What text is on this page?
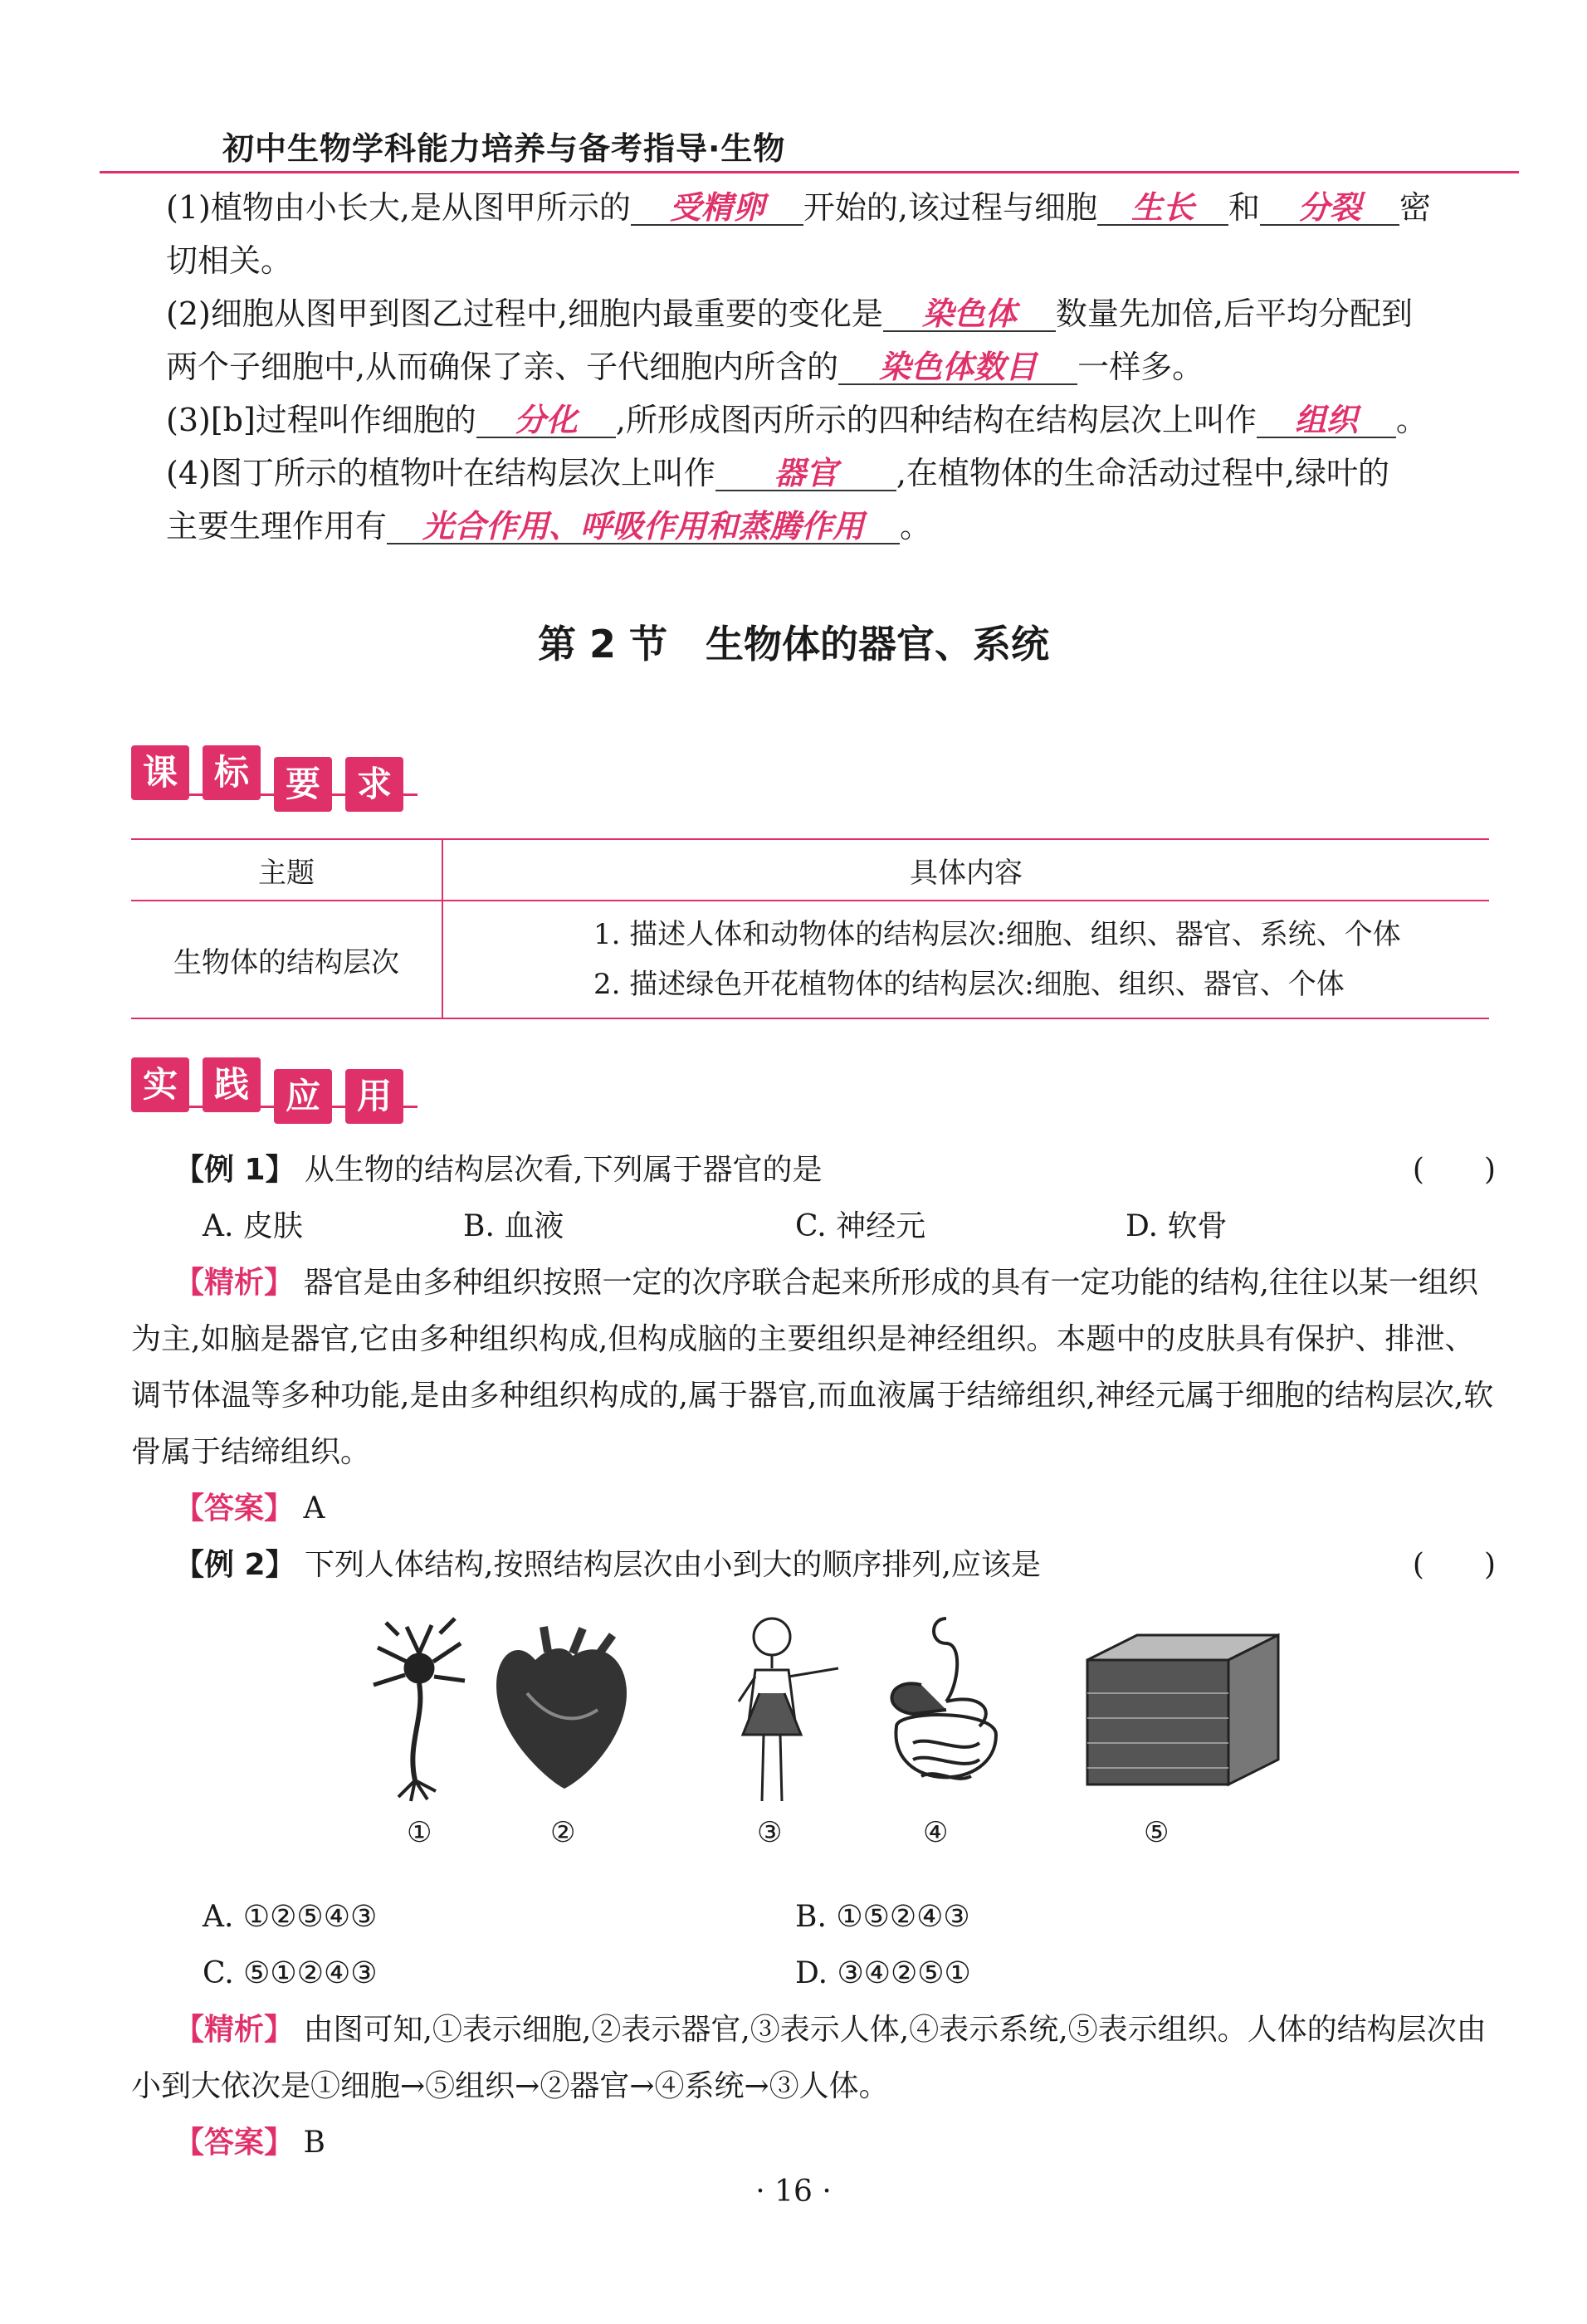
初中生物学科能力培养与备考指导·生物
(1)植物由小长大,是从图甲所示的 受精卵 开始的,该过程与细胞 生长 和 分裂 密
切相关。
(2)细胞从图甲到图乙过程中,细胞内最重要的变化是 染色体 数量先加倍,后平均分配到
两个子细胞中,从而确保了亲、子代细胞内所含的 染色体数目 一样多。
(3)[b]过程叫作细胞的 分化 ,所形成图丙所示的四种结构在结构层次上叫作 组织 。
(4)图丁所示的植物叶在结构层次上叫作 器官 ,在植物体的生命活动过程中,绿叶的
主要生理作用有 光合作用、呼吸作用和蒸腾作用 。
第 2 节　生物体的器官、系统
课	标	要	求
主题	具体内容
生物体的结构层次	1. 描述人体和动物体的结构层次:细胞、组织、器官、系统、个体
2. 描述绿色开花植物体的结构层次:细胞、组织、器官、个体
实	践	应	用
【例 1】 从生物的结构层次看,下列属于器官的是	(　　)
A. 皮肤	B. 血液	C. 神经元	D. 软骨
【精析】 器官是由多种组织按照一定的次序联合起来所形成的具有一定功能的结构,往往以某一组织为主,如脑是器官,它由多种组织构成,但构成脑的主要组织是神经组织。本题中的皮肤具有保护、排泄、调节体温等多种功能,是由多种组织构成的,属于器官,而血液属于结缔组织,神经元属于细胞的结构层次,软骨属于结缔组织。
【答案】 A
【例 2】 下列人体结构,按照结构层次由小到大的顺序排列,应该是	(　　)
①	②	③	④	⑤
A. ①②⑤④③	B. ①⑤②④③
C. ⑤①②④③	D. ③④②⑤①
【精析】 由图可知,①表示细胞,②表示器官,③表示人体,④表示系统,⑤表示组织。人体的结构层次由小到大依次是①细胞→⑤组织→②器官→④系统→③人体。
【答案】 B
· 16 ·
